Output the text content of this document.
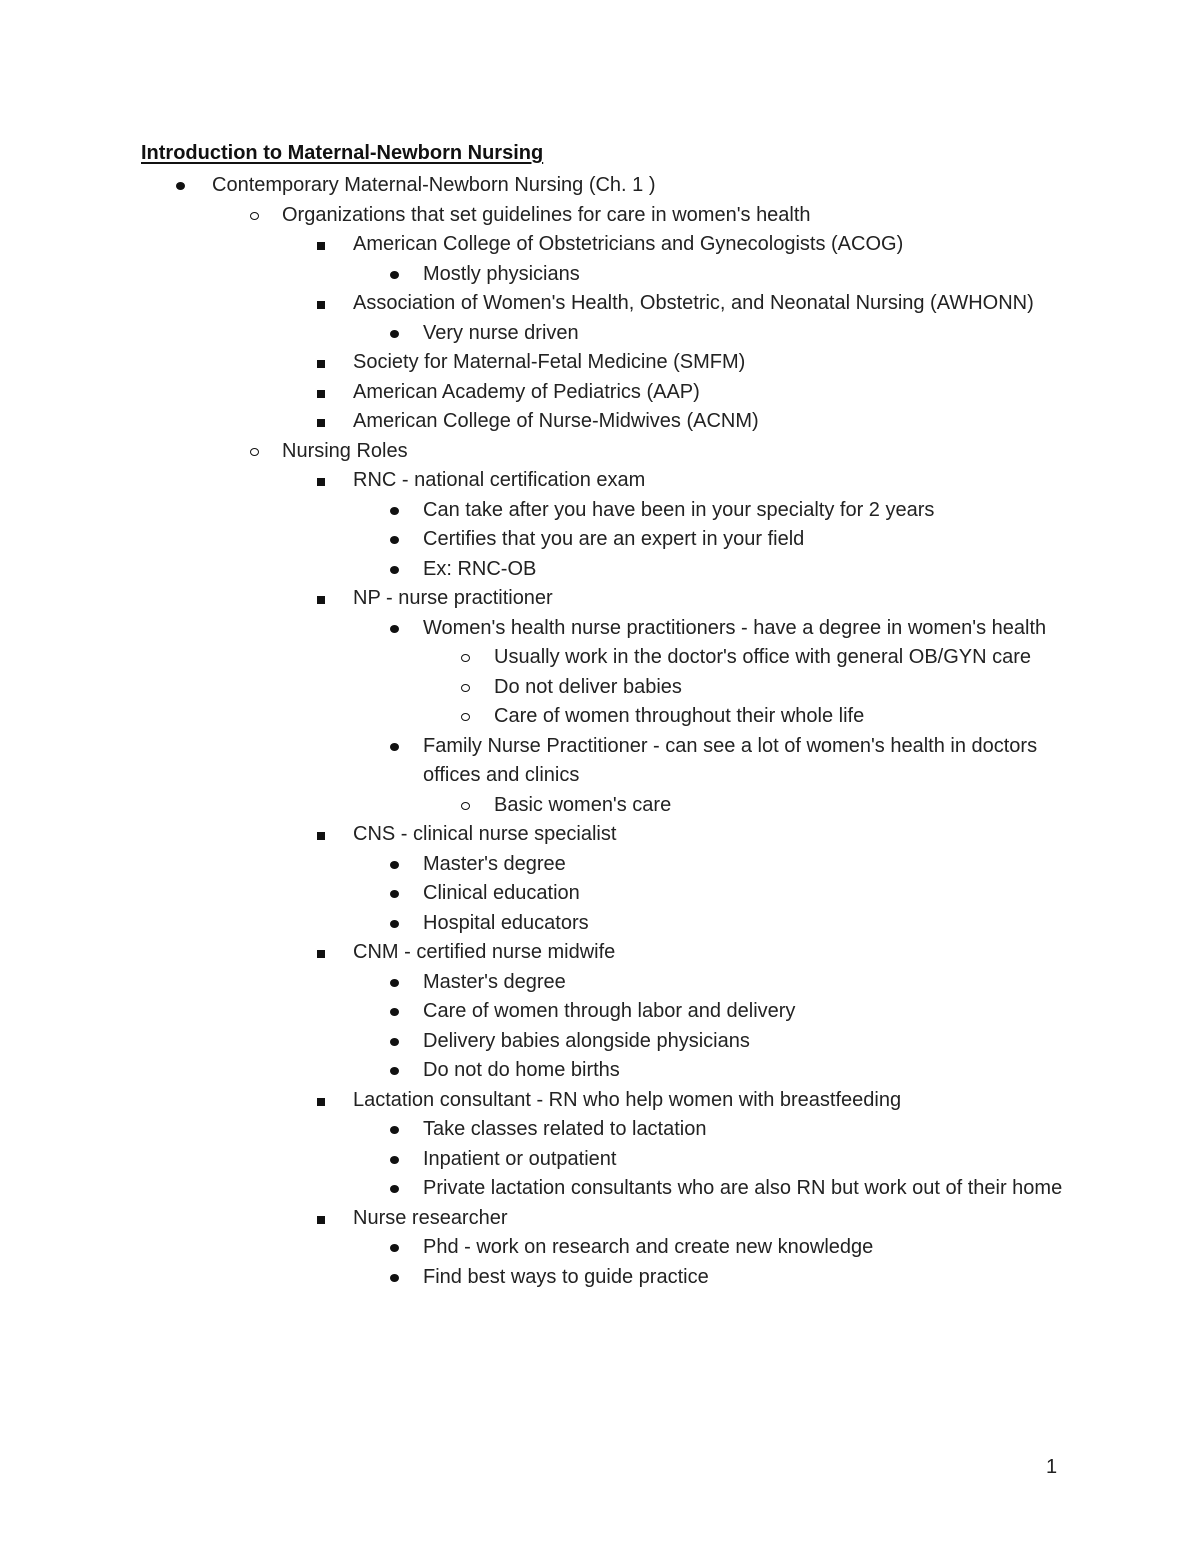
Introduction to Maternal-Newborn Nursing
Contemporary Maternal-Newborn Nursing (Ch. 1 )
Organizations that set guidelines for care in women's health
American College of Obstetricians and Gynecologists (ACOG)
Mostly physicians
Association of Women's Health, Obstetric, and Neonatal Nursing (AWHONN)
Very nurse driven
Society for Maternal-Fetal Medicine (SMFM)
American Academy of Pediatrics (AAP)
American College of Nurse-Midwives (ACNM)
Nursing Roles
RNC - national certification exam
Can take after you have been in your specialty for 2 years
Certifies that you are an expert in your field
Ex: RNC-OB
NP - nurse practitioner
Women's health nurse practitioners - have a degree in women's health
Usually work in the doctor's office with general OB/GYN care
Do not deliver babies
Care of women throughout their whole life
Family Nurse Practitioner - can see a lot of women's health in doctors offices and clinics
Basic women's care
CNS - clinical nurse specialist
Master's degree
Clinical education
Hospital educators
CNM - certified nurse midwife
Master's degree
Care of women through labor and delivery
Delivery babies alongside physicians
Do not do home births
Lactation consultant - RN who help women with breastfeeding
Take classes related to lactation
Inpatient or outpatient
Private lactation consultants who are also RN but work out of their home
Nurse researcher
Phd - work on research and create new knowledge
Find best ways to guide practice
1
